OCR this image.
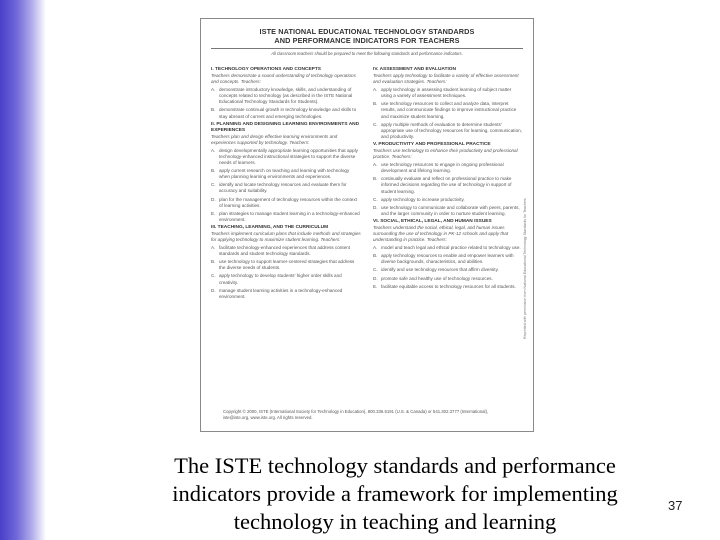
ISTE NATIONAL EDUCATIONAL TECHNOLOGY STANDARDS
AND PERFORMANCE INDICATORS FOR TEACHERS
All classroom teachers should be prepared to meet the following standards and performance indicators.
I. TECHNOLOGY OPERATIONS AND CONCEPTS
Teachers demonstrate a sound understanding of technology operations and concepts. Teachers:
A. demonstrate introductory knowledge, skills, and understanding of concepts related to technology (as described in the ISTE National Educational Technology Standards for Students).
B. demonstrate continual growth in technology knowledge and skills to stay abreast of current and emerging technologies.
II. PLANNING AND DESIGNING LEARNING ENVIRONMENTS AND EXPERIENCES
Teachers plan and design effective learning environments and experiences supported by technology. Teachers:
A. design developmentally appropriate learning opportunities that apply technology-enhanced instructional strategies to support the diverse needs of learners.
B. apply current research on teaching and learning with technology when planning learning environments and experiences.
C. identify and locate technology resources and evaluate them for accuracy and suitability.
D. plan for the management of technology resources within the context of learning activities.
E. plan strategies to manage student learning in a technology-enhanced environment.
III. TEACHING, LEARNING, AND THE CURRICULUM
Teachers implement curriculum plans that include methods and strategies for applying technology to maximize student learning. Teachers:
A. facilitate technology-enhanced experiences that address content standards and student technology standards.
B. use technology to support learner-centered strategies that address the diverse needs of students.
C. apply technology to develop students' higher order skills and creativity.
D. manage student learning activities in a technology-enhanced environment.
IV. ASSESSMENT AND EVALUATION
Teachers apply technology to facilitate a variety of effective assessment and evaluation strategies. Teachers:
A. apply technology in assessing student learning of subject matter using a variety of assessment techniques.
B. use technology resources to collect and analyze data, interpret results, and communicate findings to improve instructional practice and maximize student learning.
C. apply multiple methods of evaluation to determine students' appropriate use of technology resources for learning, communication, and productivity.
V. PRODUCTIVITY AND PROFESSIONAL PRACTICE
Teachers use technology to enhance their productivity and professional practice. Teachers:
A. use technology resources to engage in ongoing professional development and lifelong learning.
B. continually evaluate and reflect on professional practice to make informed decisions regarding the use of technology in support of student learning.
C. apply technology to increase productivity.
D. use technology to communicate and collaborate with peers, parents, and the larger community in order to nurture student learning.
VI. SOCIAL, ETHICAL, LEGAL, AND HUMAN ISSUES
Teachers understand the social, ethical, legal, and human issues surrounding the use of technology in PK-12 schools and apply that understanding in practice. Teachers:
A. model and teach legal and ethical practice related to technology use.
B. apply technology resources to enable and empower learners with diverse backgrounds, characteristics, and abilities.
C. identify and use technology resources that affirm diversity.
D. promote safe and healthy use of technology resources.
E. facilitate equitable access to technology resources for all students.	Reprinted with permission from National Educational Technology Standards for Teachers
Copyright © 2000, ISTE (International Society for Technology in Education), 800.336.5191 (U.S. & Canada) or 541.302.3777 (International), iste@iste.org, www.iste.org. All rights reserved.
The ISTE technology standards and performance
indicators provide a framework for implementing
technology in teaching and learning
37
